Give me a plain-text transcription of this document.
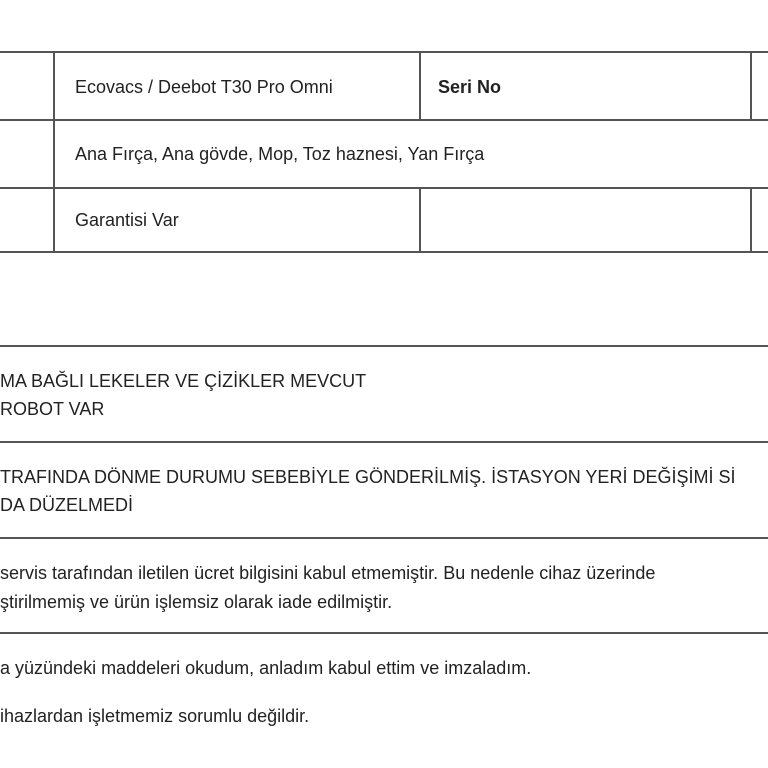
Ecovacs / Deebot T30 Pro Omni	Seri No
Ana Fırça, Ana gövde, Mop, Toz haznesi, Yan Fırça
Garantisi Var
MA BAĞLI LEKELER VE ÇİZİKLER MEVCUT
ROBOT VAR
TRAFINDA DÖNME DURUMU SEBEBİYLE GÖNDERİLMİŞ. İSTASYON YERİ DEĞİŞİMİ Sİ
DA DÜZELMEDİ
servis tarafından iletilen ücret bilgisini kabul etmemiştir. Bu nedenle cihaz üzerinde
ştirilmemiş ve ürün işlemsiz olarak iade edilmiştir.
a yüzündeki maddeleri okudum, anladım kabul ettim ve imzaladım.
ihazlardan işletmemiz sorumlu değildir.
